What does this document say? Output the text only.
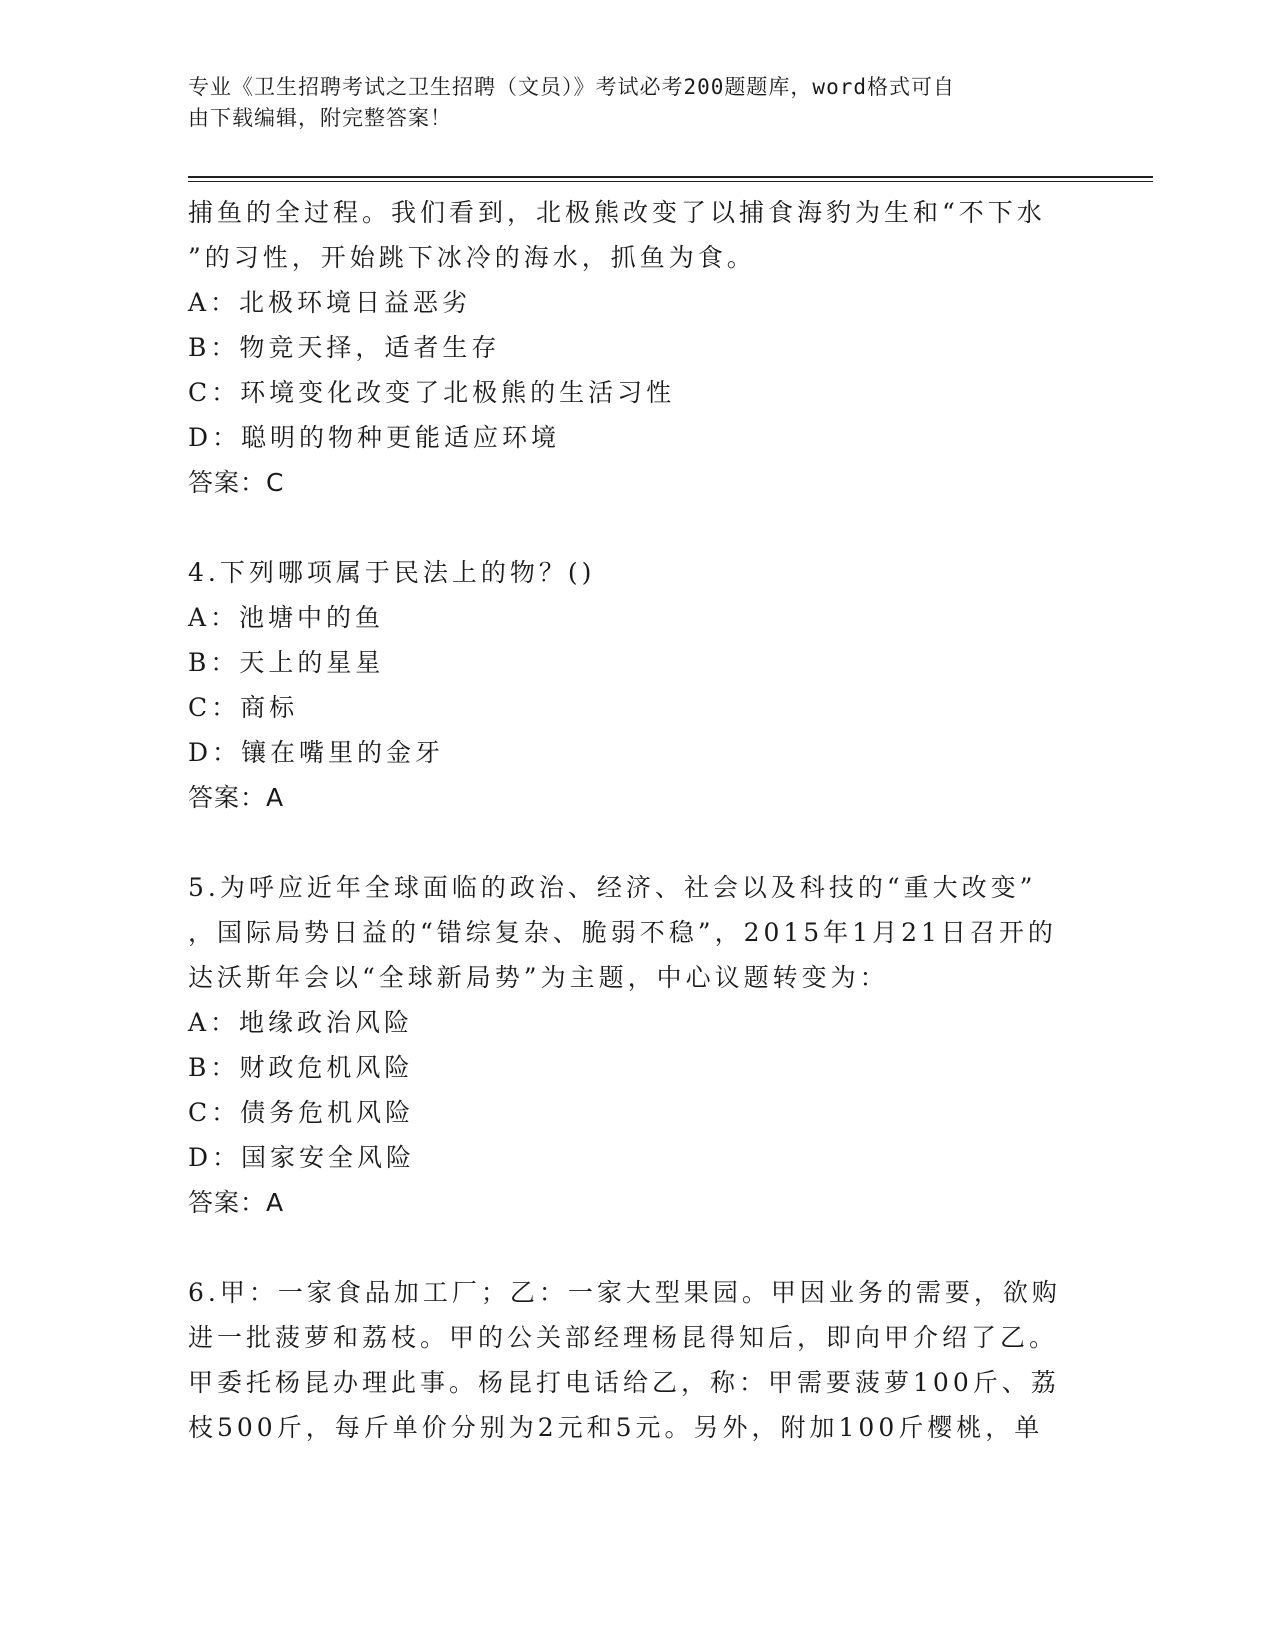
专业《卫生招聘考试之卫生招聘（文员）》考试必考200题题库，word格式可自
由下载编辑，附完整答案！
捕鱼的全过程。我们看到，北极熊改变了以捕食海豹为生和“不下水
”的习性，开始跳下冰冷的海水，抓鱼为食。
A：北极环境日益恶劣
B：物竞天择，适者生存
C：环境变化改变了北极熊的生活习性
D：聪明的物种更能适应环境
答案：C
4.下列哪项属于民法上的物？()
A：池塘中的鱼
B：天上的星星
C：商标
D：镶在嘴里的金牙
答案：A
5.为呼应近年全球面临的政治、经济、社会以及科技的“重大改变”
，国际局势日益的“错综复杂、脆弱不稳”，2015年1月21日召开的
达沃斯年会以“全球新局势”为主题，中心议题转变为：
A：地缘政治风险
B：财政危机风险
C：债务危机风险
D：国家安全风险
答案：A
6.甲：一家食品加工厂；乙：一家大型果园。甲因业务的需要，欲购
进一批菠萝和荔枝。甲的公关部经理杨昆得知后，即向甲介绍了乙。
甲委托杨昆办理此事。杨昆打电话给乙，称：甲需要菠萝100斤、荔
枝500斤，每斤单价分别为2元和5元。另外，附加100斤樱桃，单
